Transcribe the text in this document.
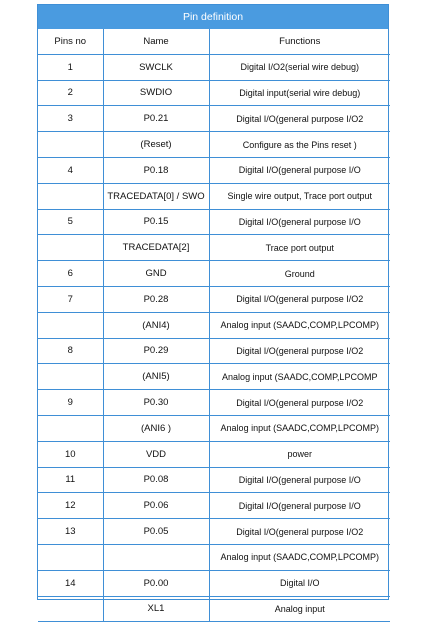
Pin definition
Pins no	Name	Functions
1	SWCLK	Digital I/O2(serial wire debug)
2	SWDIO	Digital input(serial wire debug)
3	P0.21	Digital I/O(general purpose I/O2
	(Reset)	Configure as the Pins reset )
4	P0.18	Digital I/O(general purpose I/O
	TRACEDATA[0] / SWO	Single wire output, Trace port output
5	P0.15	Digital I/O(general purpose I/O
	TRACEDATA[2]	Trace port output
6	GND	Ground
7	P0.28	Digital I/O(general purpose I/O2
	(ANI4)	Analog input (SAADC,COMP,LPCOMP)
8	P0.29	Digital I/O(general purpose I/O2
	(ANI5)	Analog input (SAADC,COMP,LPCOMP
9	P0.30	Digital I/O(general purpose I/O2
	(ANI6 )	Analog input (SAADC,COMP,LPCOMP)
10	VDD	power
11	P0.08	Digital I/O(general purpose I/O
12	P0.06	Digital I/O(general purpose I/O
13	P0.05	Digital I/O(general purpose I/O2
		Analog input (SAADC,COMP,LPCOMP)
14	P0.00	Digital I/O
	XL1	Analog input
